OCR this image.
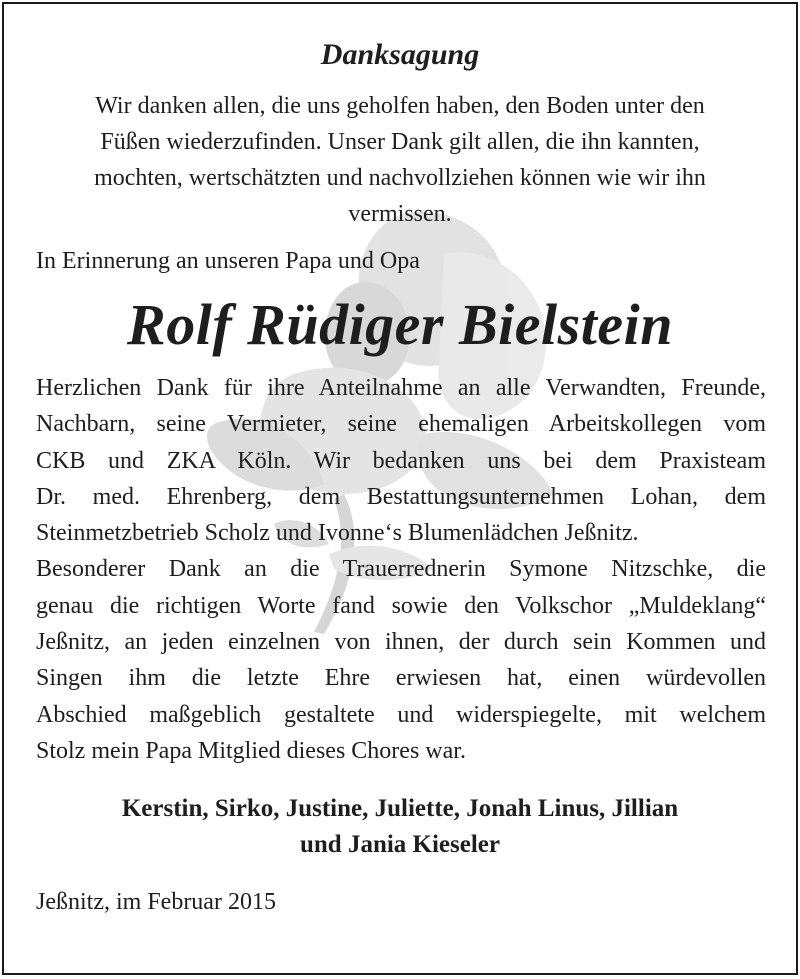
Danksagung
Wir danken allen, die uns geholfen haben, den Boden unter den
Füßen wiederzufinden. Unser Dank gilt allen, die ihn kannten,
mochten, wertschätzten und nachvollziehen können wie wir ihn
vermissen.
In Erinnerung an unseren Papa und Opa
Rolf Rüdiger Bielstein
Herzlichen Dank für ihre Anteilnahme an alle Verwandten, Freunde,
Nachbarn, seine Vermieter, seine ehemaligen Arbeitskollegen vom
CKB und ZKA Köln. Wir bedanken uns bei dem Praxisteam
Dr. med. Ehrenberg, dem Bestattungsunternehmen Lohan, dem
Steinmetzbetrieb Scholz und Ivonne‘s Blumenlädchen Jeßnitz.
Besonderer Dank an die Trauerrednerin Symone Nitzschke, die
genau die richtigen Worte fand sowie den Volkschor „Muldeklang“
Jeßnitz, an jeden einzelnen von ihnen, der durch sein Kommen und
Singen ihm die letzte Ehre erwiesen hat, einen würdevollen
Abschied maßgeblich gestaltete und widerspiegelte, mit welchem
Stolz mein Papa Mitglied dieses Chores war.
Kerstin, Sirko, Justine, Juliette, Jonah Linus, Jillian
und Jania Kieseler
Jeßnitz, im Februar 2015
